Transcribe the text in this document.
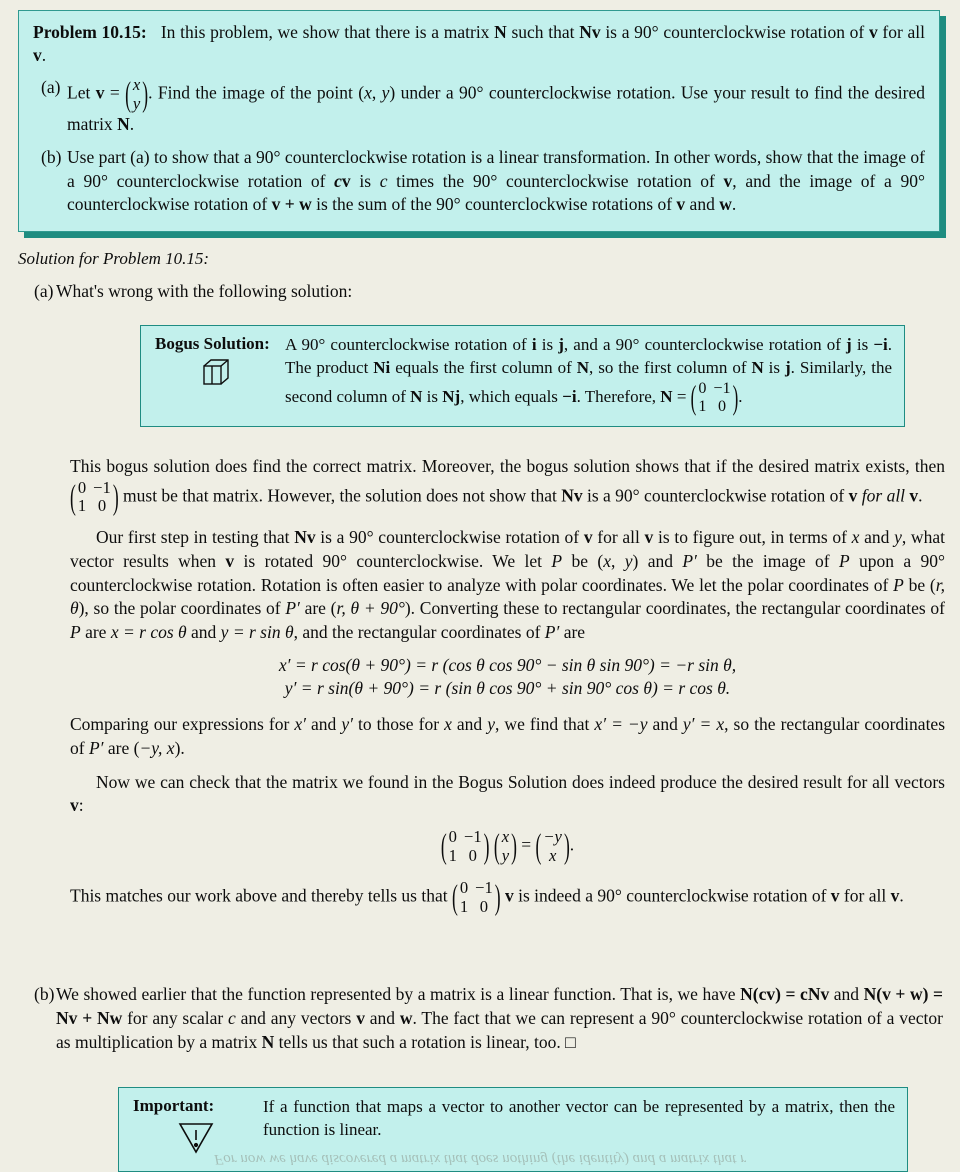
Problem 10.15: In this problem, we show that there is a matrix N such that Nv is a 90° counterclockwise rotation of v for all v.

(a) Let v = ( x
y ) . Find the image of the point (x, y) under a 90° counterclockwise rotation. Use your result to find the desired matrix N.
(b) Use part (a) to show that a 90° counterclockwise rotation is a linear transformation. In other words, show that the image of a 90° counterclockwise rotation of cv is c times the 90° counterclockwise rotation of v, and the image of a 90° counterclockwise rotation of v + w is the sum of the 90° counterclockwise rotations of v and w.
Solution for Problem 10.15:
(a) What's wrong with the following solution:
Bogus Solution: A 90° counterclockwise rotation of i is j, and a 90° counterclockwise rotation of j is −i. The product Ni equals the first column of N, so the first column of N is j. Similarly, the second column of N is Nj, which equals −i. Therefore, N = ( 0 −1
1 0 ) .

This bogus solution does find the correct matrix. Moreover, the bogus solution shows that if the desired matrix exists, then
( 0 −1
1 0 ) must be that matrix. However, the solution does not show that Nv is a 90° counterclockwise rotation of v for all v.

Our first step in testing that Nv is a 90° counterclockwise rotation of v for all v is to figure out, in terms of x and y, what vector results when v is rotated 90° counterclockwise. We let P be (x, y) and P′ be the image of P upon a 90° counterclockwise rotation. Rotation is often easier to analyze with polar coordinates. We let the polar coordinates of P be (r, θ), so the polar coordinates of P′ are (r, θ + 90°). Converting these to rectangular coordinates, the rectangular coordinates of P are x = r cos θ and y = r sin θ, and the rectangular coordinates of P′ are

x′ = r cos(θ + 90°) = r (cos θ cos 90° − sin θ sin 90°) = −r sin θ,
y′ = r sin(θ + 90°) = r (sin θ cos 90° + sin 90° cos θ) = r cos θ.

Comparing our expressions for x′ and y′ to those for x and y, we find that x′ = −y and y′ = x, so the rectangular coordinates of P′ are (−y, x).

Now we can check that the matrix we found in the Bogus Solution does indeed produce the desired result for all vectors v:

( 0 −1
1 0 )
( x
y ) = ( −y
x ) .

This matches our work above and thereby tells us that ( 0 −1
1 0 ) v is indeed a 90° counterclockwise rotation of v for all v.

(b) We showed earlier that the function represented by a matrix is a linear function. That is, we have N(cv) = cNv and N(v + w) = Nv + Nw for any scalar c and any vectors v and w. The fact that we can represent a 90° counterclockwise rotation of a vector as multiplication by a matrix N tells us that such a rotation is linear, too. □
Important:	If a function that maps a vector to another vector can be represented by a matrix, then the function is linear.
For now we have discovered a matrix that does nothing (the identity) and a matrix that r
